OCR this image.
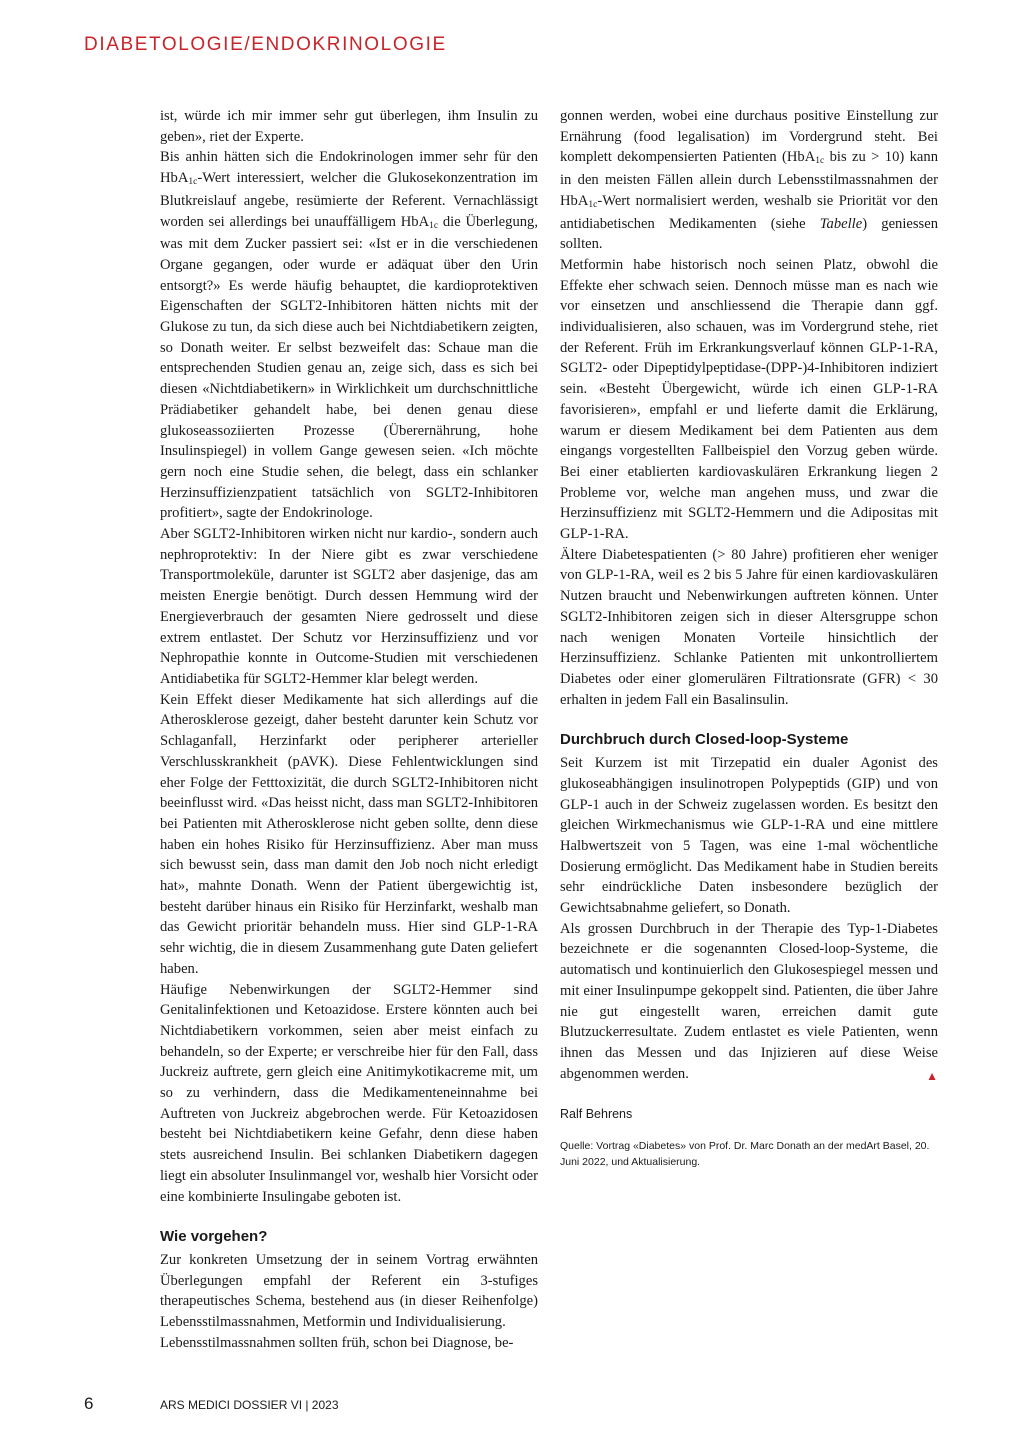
DIABETOLOGIE/ENDOKRINOLOGIE

ist, würde ich mir immer sehr gut überlegen, ihm Insulin zu geben», riet der Experte.

Bis anhin hätten sich die Endokrinologen immer sehr für den HbA1c-Wert interessiert, welcher die Glukosekonzentration im Blutkreislauf angebe, resümierte der Referent. Vernachlässigt worden sei allerdings bei unauffälligem HbA1c die Überlegung, was mit dem Zucker passiert sei: «Ist er in die verschiedenen Organe gegangen, oder wurde er adäquat über den Urin entsorgt?» Es werde häufig behauptet, die kardioprotektiven Eigenschaften der SGLT2-Inhibitoren hätten nichts mit der Glukose zu tun, da sich diese auch bei Nichtdiabetikern zeigten, so Donath weiter. Er selbst bezweifelt das: Schaue man die entsprechenden Studien genau an, zeige sich, dass es sich bei diesen «Nichtdiabetikern» in Wirklichkeit um durchschnittliche Prädiabetiker gehandelt habe, bei denen genau diese glukoseassoziierten Prozesse (Überernährung, hohe Insulinspiegel) in vollem Gange gewesen seien. «Ich möchte gern noch eine Studie sehen, die belegt, dass ein schlanker Herzinsuffizienzpatient tatsächlich von SGLT2-Inhibitoren profitiert», sagte der Endokrinologe.

Aber SGLT2-Inhibitoren wirken nicht nur kardio-, sondern auch nephroprotektiv: In der Niere gibt es zwar verschiedene Transportmoleküle, darunter ist SGLT2 aber dasjenige, das am meisten Energie benötigt. Durch dessen Hemmung wird der Energieverbrauch der gesamten Niere gedrosselt und diese extrem entlastet. Der Schutz vor Herzinsuffizienz und vor Nephropathie konnte in Outcome-Studien mit verschiedenen Antidiabetika für SGLT2-Hemmer klar belegt werden.

Kein Effekt dieser Medikamente hat sich allerdings auf die Atherosklerose gezeigt, daher besteht darunter kein Schutz vor Schlaganfall, Herzinfarkt oder peripherer arterieller Verschlusskrankheit (pAVK). Diese Fehlentwicklungen sind eher Folge der Fetttoxizität, die durch SGLT2-Inhibitoren nicht beeinflusst wird. «Das heisst nicht, dass man SGLT2-Inhibitoren bei Patienten mit Atherosklerose nicht geben sollte, denn diese haben ein hohes Risiko für Herzinsuffizienz. Aber man muss sich bewusst sein, dass man damit den Job noch nicht erledigt hat», mahnte Donath. Wenn der Patient übergewichtig ist, besteht darüber hinaus ein Risiko für Herzinfarkt, weshalb man das Gewicht prioritär behandeln muss. Hier sind GLP-1-RA sehr wichtig, die in diesem Zusammenhang gute Daten geliefert haben.

Häufige Nebenwirkungen der SGLT2-Hemmer sind Genitalinfektionen und Ketoazidose. Erstere könnten auch bei Nichtdiabetikern vorkommen, seien aber meist einfach zu behandeln, so der Experte; er verschreibe hier für den Fall, dass Juckreiz auftrete, gern gleich eine Anitimykotikacreme mit, um so zu verhindern, dass die Medikamenteneinnahme bei Auftreten von Juckreiz abgebrochen werde. Für Ketoazidosen besteht bei Nichtdiabetikern keine Gefahr, denn diese haben stets ausreichend Insulin. Bei schlanken Diabetikern dagegen liegt ein absoluter Insulinmangel vor, weshalb hier Vorsicht oder eine kombinierte Insulingabe geboten ist.

Wie vorgehen?

Zur konkreten Umsetzung der in seinem Vortrag erwähnten Überlegungen empfahl der Referent ein 3-stufiges therapeutisches Schema, bestehend aus (in dieser Reihenfolge) Lebensstilmassnahmen, Metformin und Individualisierung.

Lebensstilmassnahmen sollten früh, schon bei Diagnose, be-

gonnen werden, wobei eine durchaus positive Einstellung zur Ernährung (food legalisation) im Vordergrund steht. Bei komplett dekompensierten Patienten (HbA1c bis zu > 10) kann in den meisten Fällen allein durch Lebensstilmassnahmen der HbA1c-Wert normalisiert werden, weshalb sie Priorität vor den antidiabetischen Medikamenten (siehe Tabelle) geniessen sollten.

Metformin habe historisch noch seinen Platz, obwohl die Effekte eher schwach seien. Dennoch müsse man es nach wie vor einsetzen und anschliessend die Therapie dann ggf. individualisieren, also schauen, was im Vordergrund stehe, riet der Referent. Früh im Erkrankungsverlauf können GLP-1-RA, SGLT2- oder Dipeptidylpeptidase-(DPP-)4-Inhibitoren indiziert sein. «Besteht Übergewicht, würde ich einen GLP-1-RA favorisieren», empfahl er und lieferte damit die Erklärung, warum er diesem Medikament bei dem Patienten aus dem eingangs vorgestellten Fallbeispiel den Vorzug geben würde. Bei einer etablierten kardiovaskulären Erkrankung liegen 2 Probleme vor, welche man angehen muss, und zwar die Herzinsuffizienz mit SGLT2-Hemmern und die Adipositas mit GLP-1-RA.

Ältere Diabetespatienten (> 80 Jahre) profitieren eher weniger von GLP-1-RA, weil es 2 bis 5 Jahre für einen kardiovaskulären Nutzen braucht und Nebenwirkungen auftreten können. Unter SGLT2-Inhibitoren zeigen sich in dieser Altersgruppe schon nach wenigen Monaten Vorteile hinsichtlich der Herzinsuffizienz. Schlanke Patienten mit unkontrolliertem Diabetes oder einer glomerulären Filtrationsrate (GFR) < 30 erhalten in jedem Fall ein Basalinsulin.

Durchbruch durch Closed-loop-Systeme

Seit Kurzem ist mit Tirzepatid ein dualer Agonist des glukoseabhängigen insulinotropen Polypeptids (GIP) und von GLP-1 auch in der Schweiz zugelassen worden. Es besitzt den gleichen Wirkmechanismus wie GLP-1-RA und eine mittlere Halbwertszeit von 5 Tagen, was eine 1-mal wöchentliche Dosierung ermöglicht. Das Medikament habe in Studien bereits sehr eindrückliche Daten insbesondere bezüglich der Gewichtsabnahme geliefert, so Donath.

Als grossen Durchbruch in der Therapie des Typ-1-Diabetes bezeichnete er die sogenannten Closed-loop-Systeme, die automatisch und kontinuierlich den Glukosespiegel messen und mit einer Insulinpumpe gekoppelt sind. Patienten, die über Jahre nie gut eingestellt waren, erreichen damit gute Blutzuckerresultate. Zudem entlastet es viele Patienten, wenn ihnen das Messen und das Injizieren auf diese Weise abgenommen werden.	▲

Ralf Behrens
Quelle: Vortrag «Diabetes» von Prof. Dr. Marc Donath an der medArt Basel, 20. Juni 2022, und Aktualisierung.
6	ARS MEDICI DOSSIER VI | 2023
